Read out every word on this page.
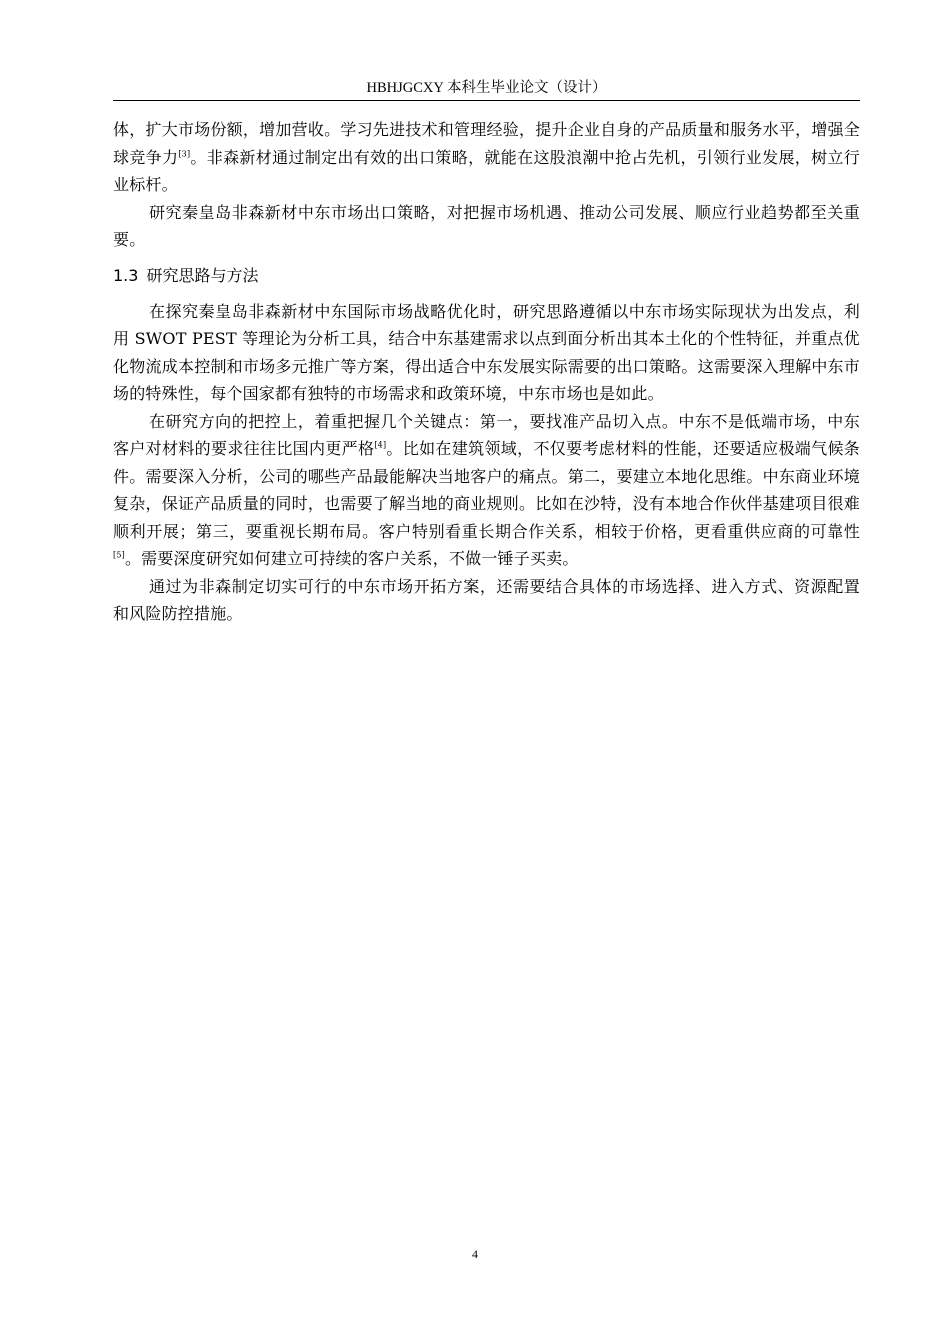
HBHJGCXY 本科生毕业论文（设计）

体，扩大市场份额，增加营收。学习先进技术和管理经验，提升企业自身的产品质量和服务水平，增强全球竞争力[3]。非森新材通过制定出有效的出口策略，就能在这股浪潮中抢占先机，引领行业发展，树立行业标杆。

研究秦皇岛非森新材中东市场出口策略，对把握市场机遇、推动公司发展、顺应行业趋势都至关重要。

1.3 研究思路与方法

在探究秦皇岛非森新材中东国际市场战略优化时，研究思路遵循以中东市场实际现状为出发点，利用 SWOT PEST 等理论为分析工具，结合中东基建需求以点到面分析出其本土化的个性特征，并重点优化物流成本控制和市场多元推广等方案，得出适合中东发展实际需要的出口策略。这需要深入理解中东市场的特殊性，每个国家都有独特的市场需求和政策环境，中东市场也是如此。

在研究方向的把控上，着重把握几个关键点：第一，要找准产品切入点。中东不是低端市场，中东客户对材料的要求往往比国内更严格[4]。比如在建筑领域，不仅要考虑材料的性能，还要适应极端气候条件。需要深入分析，公司的哪些产品最能解决当地客户的痛点。第二，要建立本地化思维。中东商业环境复杂，保证产品质量的同时，也需要了解当地的商业规则。比如在沙特，没有本地合作伙伴基建项目很难顺利开展；第三，要重视长期布局。客户特别看重长期合作关系，相较于价格，更看重供应商的可靠性[5]。需要深度研究如何建立可持续的客户关系，不做一锤子买卖。

通过为非森制定切实可行的中东市场开拓方案，还需要结合具体的市场选择、进入方式、资源配置和风险防控措施。

4
